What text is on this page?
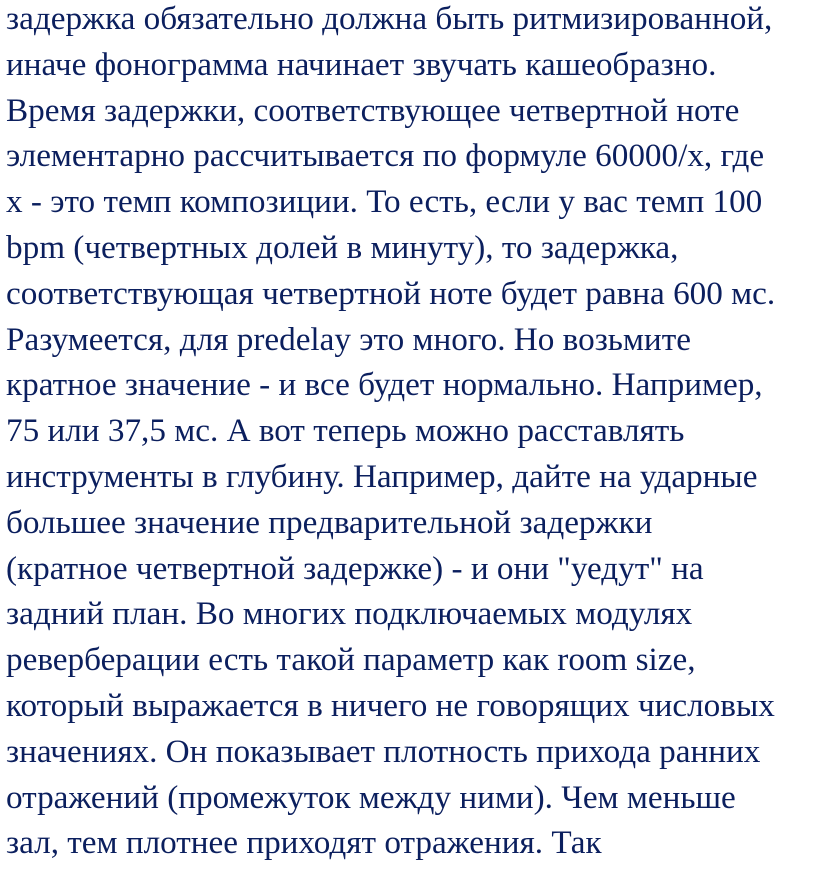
задержка обязательно должна быть ритмизированной,

иначе фонограмма начинает звучать кашеобразно.

Время задержки, соответствующее четвертной ноте

элементарно рассчитывается по формуле 60000/х, где

х - это темп композиции. То есть, если у вас темп 100

bpm (четвертных долей в минуту), то задержка,

соответствующая четвертной ноте будет равна 600 мс.

Разумеется, для predelay это много. Но возьмите

кратное значение - и все будет нормально. Например,

75 или 37,5 мс. А вот теперь можно расставлять

инструменты в глубину. Например, дайте на ударные

большее значение предварительной задержки

(кратное четвертной задержке) - и они "уедут" на

задний план. Во многих подключаемых модулях

реверберации есть такой параметр как room size,

который выражается в ничего не говорящих числовых

значениях. Он показывает плотность прихода ранних

отражений (промежуток между ними). Чем меньше

зал, тем плотнее приходят отражения. Так
